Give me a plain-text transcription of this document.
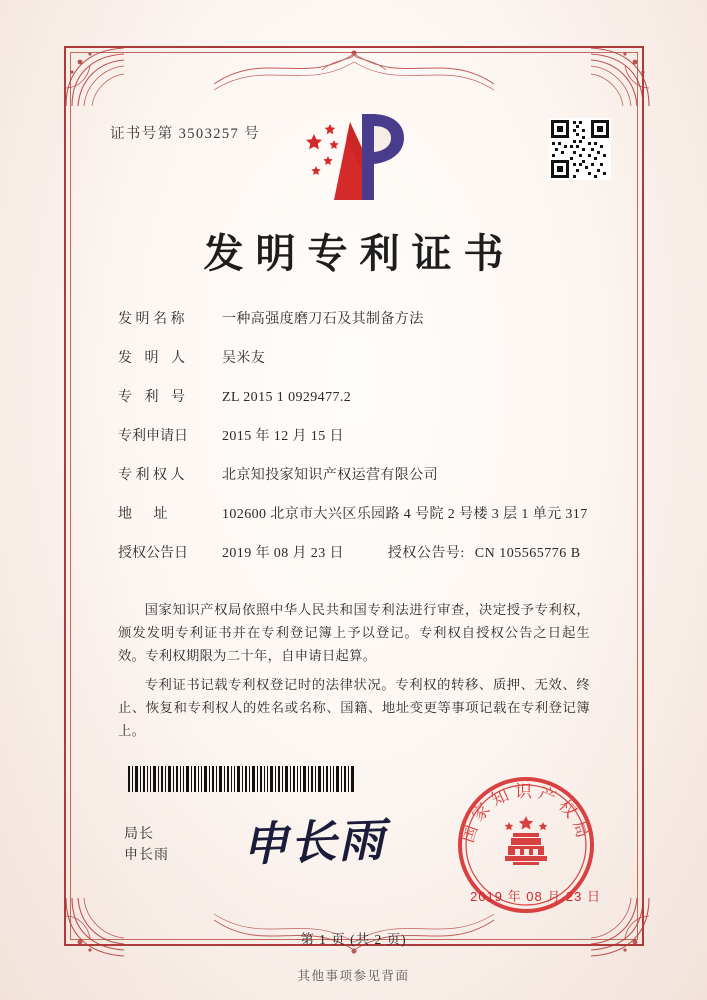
证书号第 3503257 号
发明专利证书
发 明 名 称	一种高强度磨刀石及其制备方法
发 明 人	吴米友
专 利 号	ZL 2015 1 0929477.2
专利申请日	2015 年 12 月 15 日
专 利 权 人	北京知投家知识产权运营有限公司
地 址	102600 北京市大兴区乐园路 4 号院 2 号楼 3 层 1 单元 317
授权公告日	2019 年 08 月 23 日	授权公告号: CN 105565776 B

国家知识产权局依照中华人民共和国专利法进行审查，决定授予专利权，颁发发明专利证书并在专利登记簿上予以登记。专利权自授权公告之日起生效。专利权期限为二十年，自申请日起算。

专利证书记载专利权登记时的法律状况。专利权的转移、质押、无效、终止、恢复和专利权人的姓名或名称、国籍、地址变更等事项记载在专利登记簿上。

局长
申长雨 申长雨	国家知识产权局
2019 年 08 月 23 日
第 1 页 (共 2 页)
其他事项参见背面
